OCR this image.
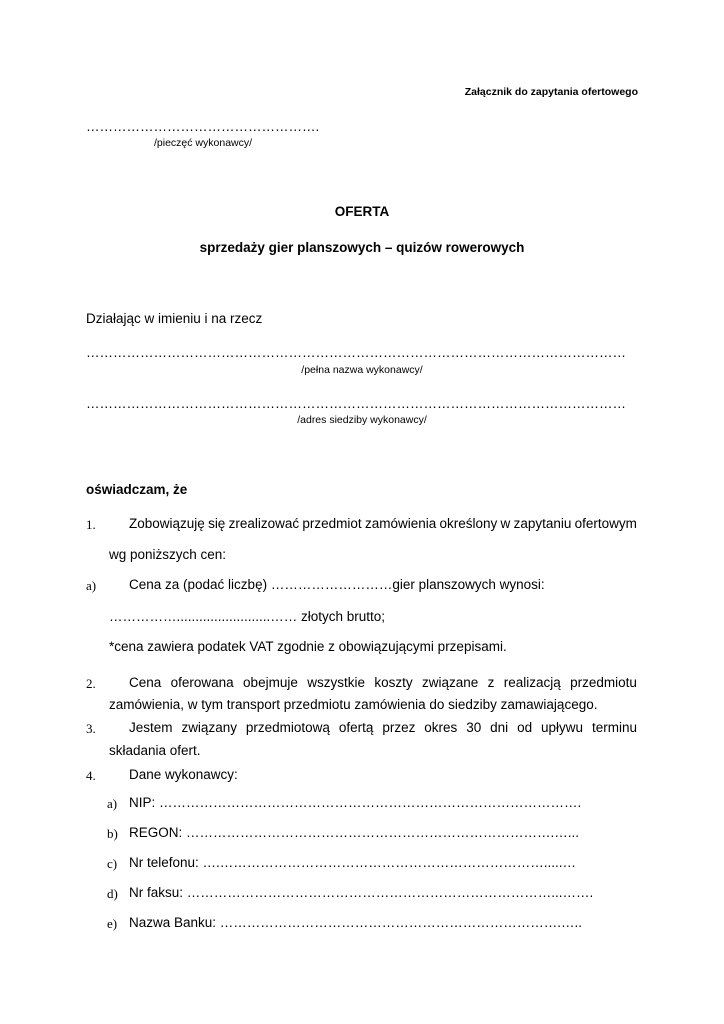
Załącznik do zapytania ofertowego
…………………………………………….
/pieczęć wykonawcy/
OFERTA
sprzedaży gier planszowych – quizów rowerowych
Działając w imieniu i na rzecz
…………………………………………………………………………………………………………
/pełna nazwa wykonawcy/
…………………………………………………………………………………………………………
/adres siedziby wykonawcy/
oświadczam, że
1. Zobowiązuję się zrealizować przedmiot zamówienia określony w zapytaniu ofertowym
wg poniższych cen:
a) Cena za (podać liczbę) ………………………gier planszowych wynosi:
…………….........................…… złotych brutto;
*cena zawiera podatek VAT zgodnie z obowiązującymi przepisami.
2. Cena oferowana obejmuje wszystkie koszty związane z realizacją przedmiotu
zamówienia, w tym transport przedmiotu zamówienia do siedziby zamawiającego.
3. Jestem związany przedmiotową ofertą przez okres 30 dni od upływu terminu
składania ofert.
4. Dane wykonawcy:
a) NIP: ………………………………………………………………………………….
b) REGON: ……………………………………………………………………….…...
c) Nr telefonu: ….……………………………………………………………….....…
d) Nr faksu: ………………………………………………………………………...…….
e) Nazwa Banku: ………………………………………………………………….…..
